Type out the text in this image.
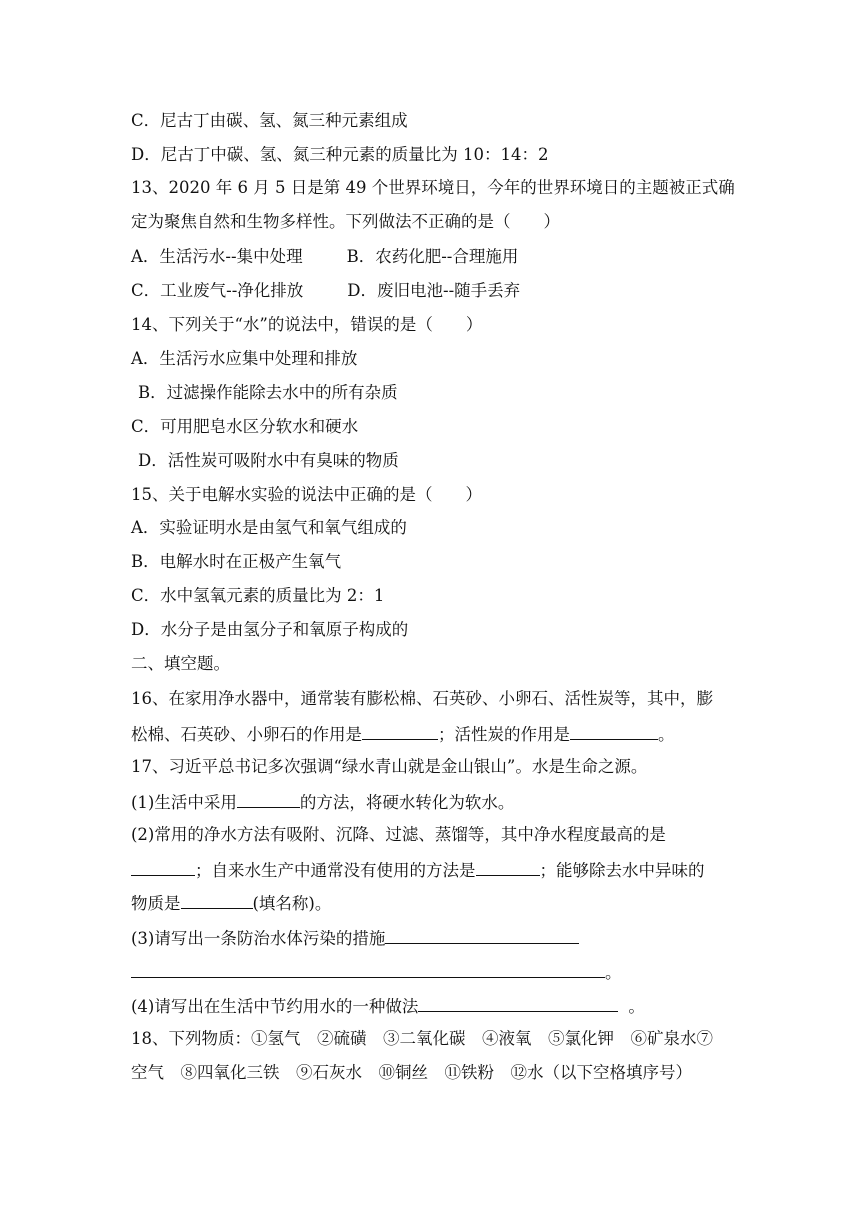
C．尼古丁由碳、氢、氮三种元素组成
D．尼古丁中碳、氢、氮三种元素的质量比为 10：14：2
13、2020 年 6 月 5 日是第 49 个世界环境日，今年的世界环境日的主题被正式确
定为聚焦自然和生物多样性。下列做法不正确的是（　　）
A．生活污水--集中处理	B．农药化肥--合理施用
C．工业废气--净化排放	D．废旧电池--随手丢弃
14、下列关于“水”的说法中，错误的是（　　）
A．生活污水应集中处理和排放
B．过滤操作能除去水中的所有杂质
C．可用肥皂水区分软水和硬水
D．活性炭可吸附水中有臭味的物质
15、关于电解水实验的说法中正确的是（　　）
A．实验证明水是由氢气和氧气组成的
B．电解水时在正极产生氧气
C．水中氢氧元素的质量比为 2：1
D．水分子是由氢分子和氧原子构成的
二、填空题。
16、在家用净水器中，通常装有膨松棉、石英砂、小卵石、活性炭等，其中，膨
松棉、石英砂、小卵石的作用是	；活性炭的作用是	。
17、习近平总书记多次强调“绿水青山就是金山银山”。水是生命之源。
(1)生活中采用	的方法，将硬水转化为软水。
(2)常用的净水方法有吸附、沉降、过滤、蒸馏等，其中净水程度最高的是
；自来水生产中通常没有使用的方法是	；能够除去水中异味的
物质是	(填名称)。
(3)请写出一条防治水体污染的措施
。
(4)请写出在生活中节约用水的一种做法	。
18、下列物质：①氢气　②硫磺　③二氧化碳　④液氧　⑤氯化钾　⑥矿泉水⑦
空气　⑧四氧化三铁　⑨石灰水　⑩铜丝　⑪铁粉　⑫水（以下空格填序号）
